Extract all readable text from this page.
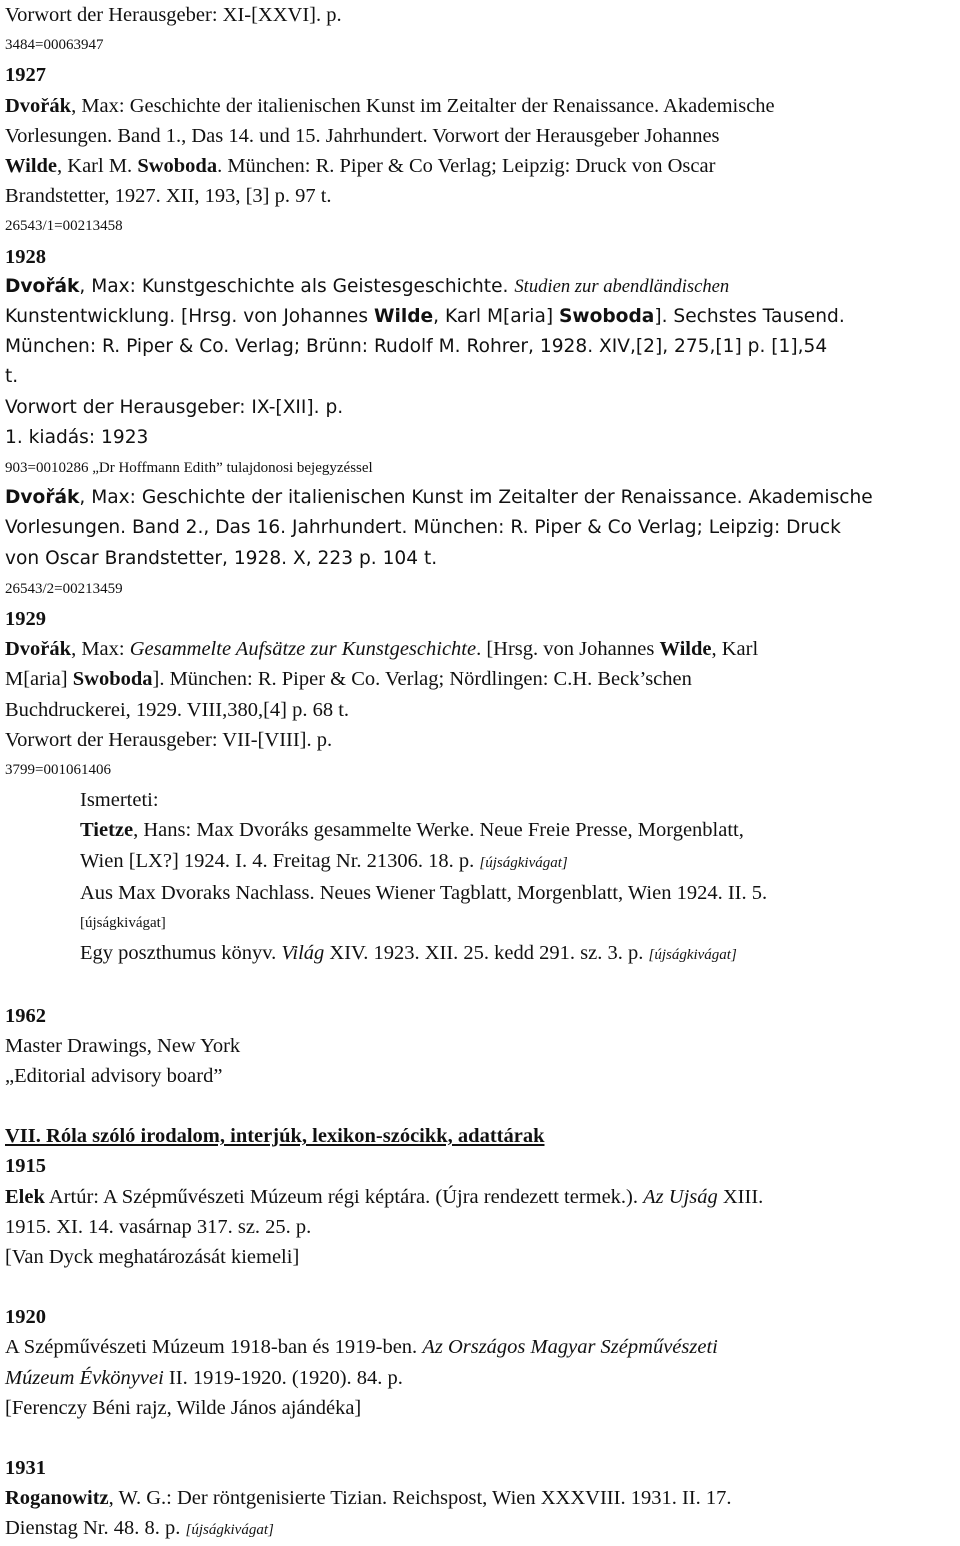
Vorwort der Herausgeber: XI-[XXVI]. p.
3484=00063947
1927
Dvořák, Max: Geschichte der italienischen Kunst im Zeitalter der Renaissance. Akademische
Vorlesungen. Band 1., Das 14. und 15. Jahrhundert. Vorwort der Herausgeber Johannes
Wilde, Karl M. Swoboda. München: R. Piper & Co Verlag; Leipzig: Druck von Oscar
Brandstetter, 1927. XII, 193, [3] p. 97 t.
26543/1=00213458
1928
Dvořák, Max: Kunstgeschichte als Geistesgeschichte. Studien zur abendländischen
Kunstentwicklung. [Hrsg. von Johannes Wilde, Karl M[aria] Swoboda]. Sechstes Tausend.
München: R. Piper & Co. Verlag; Brünn: Rudolf M. Rohrer, 1928. XIV,[2], 275,[1] p. [1],54
t.
Vorwort der Herausgeber: IX-[XII]. p.
1. kiadás: 1923
903=0010286 „Dr Hoffmann Edith” tulajdonosi bejegyzéssel
Dvořák, Max: Geschichte der italienischen Kunst im Zeitalter der Renaissance. Akademische
Vorlesungen. Band 2., Das 16. Jahrhundert. München: R. Piper & Co Verlag; Leipzig: Druck
von Oscar Brandstetter, 1928. X, 223 p. 104 t.
26543/2=00213459
1929
Dvořák, Max: Gesammelte Aufsätze zur Kunstgeschichte. [Hrsg. von Johannes Wilde, Karl
M[aria] Swoboda]. München: R. Piper & Co. Verlag; Nördlingen: C.H. Beck’schen
Buchdruckerei, 1929. VIII,380,[4] p. 68 t.
Vorwort der Herausgeber: VII-[VIII]. p.
3799=001061406
Ismerteti:
Tietze, Hans: Max Dvoráks gesammelte Werke. Neue Freie Presse, Morgenblatt,
Wien [LX?] 1924. I. 4. Freitag Nr. 21306. 18. p. [újságkivágat]
Aus Max Dvoraks Nachlass. Neues Wiener Tagblatt, Morgenblatt, Wien 1924. II. 5.
[újságkivágat]
Egy poszthumus könyv. Világ XIV. 1923. XII. 25. kedd 291. sz. 3. p. [újságkivágat]
1962
Master Drawings, New York
„Editorial advisory board”
VII. Róla szóló irodalom, interjúk, lexikon-szócikk, adattárak
1915
Elek Artúr: A Szépművészeti Múzeum régi képtára. (Újra rendezett termek.). Az Ujság XIII.
1915. XI. 14. vasárnap 317. sz. 25. p.
[Van Dyck meghatározását kiemeli]
1920
A Szépművészeti Múzeum 1918-ban és 1919-ben. Az Országos Magyar Szépművészeti
Múzeum Évkönyvei II. 1919-1920. (1920). 84. p.
[Ferenczy Béni rajz, Wilde János ajándéka]
1931
Roganowitz, W. G.: Der röntgenisierte Tizian. Reichspost, Wien XXXVIII. 1931. II. 17.
Dienstag Nr. 48. 8. p. [újságkivágat]
